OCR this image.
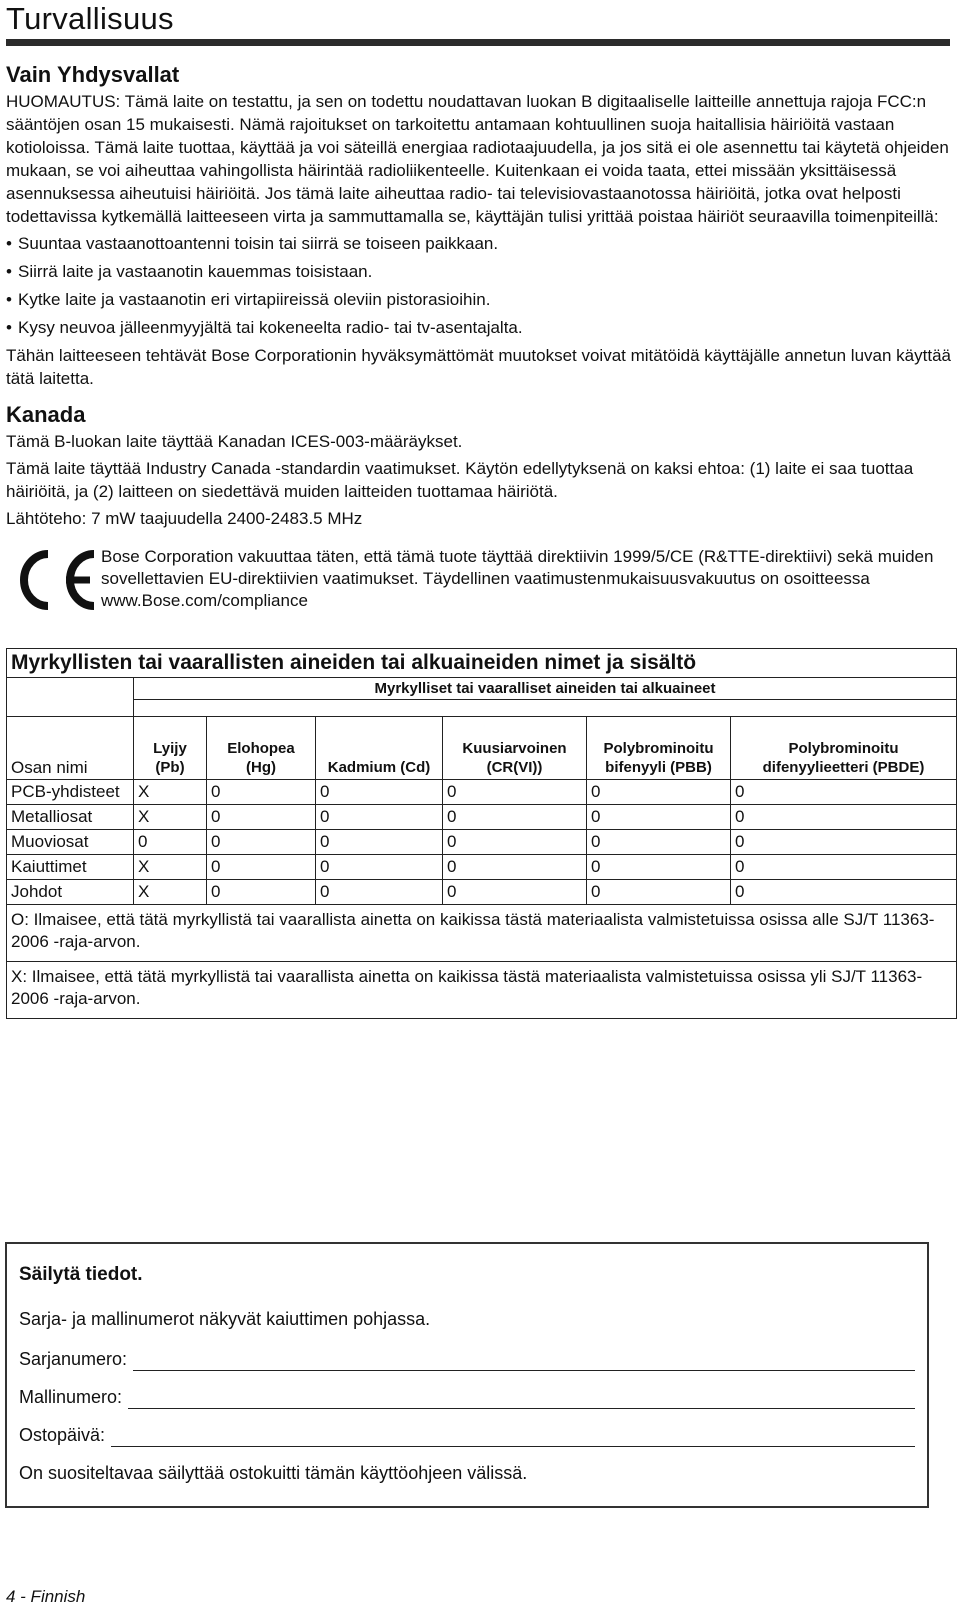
Turvallisuus
Vain Yhdysvallat

HUOMAUTUS: Tämä laite on testattu, ja sen on todettu noudattavan luokan B digitaaliselle laitteille annettuja rajoja FCC:n sääntöjen osan 15 mukaisesti. Nämä rajoitukset on tarkoitettu antamaan kohtuullinen suoja haitallisia häiriöitä vastaan kotioloissa. Tämä laite tuottaa, käyttää ja voi säteillä energiaa radiotaajuudella, ja jos sitä ei ole asennettu tai käytetä ohjeiden mukaan, se voi aiheuttaa vahingollista häirintää radioliikenteelle. Kuitenkaan ei voida taata, ettei missään yksittäisessä asennuksessa aiheutuisi häiriöitä. Jos tämä laite aiheuttaa radio- tai televisiovastaanotossa häiriöitä, jotka ovat helposti todettavissa kytkemällä laitteeseen virta ja sammuttamalla se, käyttäjän tulisi yrittää poistaa häiriöt seuraavilla toimenpiteillä:

• Suuntaa vastaanottoantenni toisin tai siirrä se toiseen paikkaan.
• Siirrä laite ja vastaanotin kauemmas toisistaan.
• Kytke laite ja vastaanotin eri virtapiireissä oleviin pistorasioihin.
• Kysy neuvoa jälleenmyyjältä tai kokeneelta radio- tai tv-asentajalta.

Tähän laitteeseen tehtävät Bose Corporationin hyväksymättömät muutokset voivat mitätöidä käyttäjälle annetun luvan käyttää tätä laitetta.

Kanada

Tämä B-luokan laite täyttää Kanadan ICES-003-määräykset.

Tämä laite täyttää Industry Canada -standardin vaatimukset. Käytön edellytyksenä on kaksi ehtoa: (1) laite ei saa tuottaa häiriöitä, ja (2) laitteen on siedettävä muiden laitteiden tuottamaa häiriötä.

Lähtöteho: 7 mW taajuudella 2400-2483.5 MHz

Bose Corporation vakuuttaa täten, että tämä tuote täyttää direktiivin 1999/5/CE (R&TTE-direktiivi) sekä muiden sovellettavien EU-direktiivien vaatimukset. Täydellinen vaatimustenmukaisuusvakuutus on osoitteessa www.Bose.com/compliance
Myrkyllisten tai vaarallisten aineiden tai alkuaineiden nimet ja sisältö						
	Myrkylliset tai vaaralliset aineiden tai alkuaineet					

Osan nimi	Lyijy (Pb)	Elohopea (Hg)	Kadmium (Cd)	Kuusiarvoinen (CR(VI))	Polybrominoitu bifenyyli (PBB)	Polybrominoitu difenyylieetteri (PBDE)
PCB-yhdisteet	X	0	0	0	0	0
Metalliosat	X	0	0	0	0	0
Muoviosat	0	0	0	0	0	0
Kaiuttimet	X	0	0	0	0	0
Johdot	X	0	0	0	0	0
O: Ilmaisee, että tätä myrkyllistä tai vaarallista ainetta on kaikissa tästä materiaalista valmistetuissa osissa alle SJ/T 11363-2006 -raja-arvon.						
X: Ilmaisee, että tätä myrkyllistä tai vaarallista ainetta on kaikissa tästä materiaalista valmistetuissa osissa yli SJ/T 11363-2006 -raja-arvon.						
Säilytä tiedot.
Sarja- ja mallinumerot näkyvät kaiuttimen pohjassa.
Sarjanumero:
Mallinumero:
Ostopäivä:
On suositeltavaa säilyttää ostokuitti tämän käyttöohjeen välissä.
4 - Finnish
